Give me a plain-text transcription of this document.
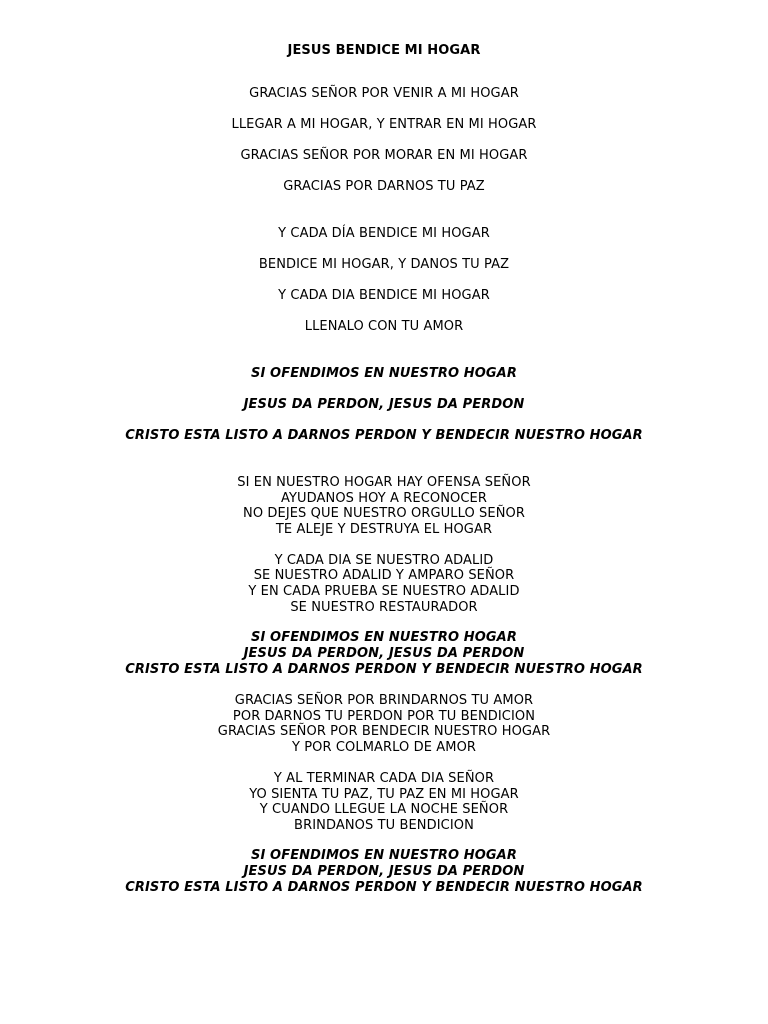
JESUS BENDICE MI HOGAR
GRACIAS SEÑOR POR VENIR A MI HOGAR
LLEGAR A MI HOGAR, Y ENTRAR EN MI HOGAR
GRACIAS SEÑOR POR MORAR EN MI HOGAR
GRACIAS POR DARNOS TU PAZ
Y CADA DÍA BENDICE MI HOGAR
BENDICE MI HOGAR, Y DANOS TU PAZ
Y CADA DIA BENDICE MI HOGAR
LLENALO CON TU AMOR
SI OFENDIMOS EN NUESTRO HOGAR
JESUS DA PERDON, JESUS DA PERDON
CRISTO ESTA LISTO A DARNOS PERDON Y BENDECIR NUESTRO HOGAR
SI EN NUESTRO HOGAR HAY OFENSA SEÑOR
AYUDANOS HOY A RECONOCER
NO DEJES QUE NUESTRO ORGULLO SEÑOR
TE ALEJE Y DESTRUYA EL HOGAR
Y CADA DIA SE NUESTRO ADALID
SE NUESTRO ADALID Y AMPARO SEÑOR
Y EN CADA PRUEBA SE NUESTRO ADALID
SE NUESTRO RESTAURADOR
SI OFENDIMOS EN NUESTRO HOGAR
JESUS DA PERDON, JESUS DA PERDON
CRISTO ESTA LISTO A DARNOS PERDON Y BENDECIR NUESTRO HOGAR
GRACIAS SEÑOR POR BRINDARNOS TU AMOR
POR DARNOS TU PERDON POR TU BENDICION
GRACIAS SEÑOR POR BENDECIR NUESTRO HOGAR
Y POR COLMARLO DE AMOR
Y AL TERMINAR CADA DIA SEÑOR
YO SIENTA TU PAZ, TU PAZ EN MI HOGAR
Y CUANDO LLEGUE LA NOCHE SEÑOR
BRINDANOS TU BENDICION
SI OFENDIMOS EN NUESTRO HOGAR
JESUS DA PERDON, JESUS DA PERDON
CRISTO ESTA LISTO A DARNOS PERDON Y BENDECIR NUESTRO HOGAR
